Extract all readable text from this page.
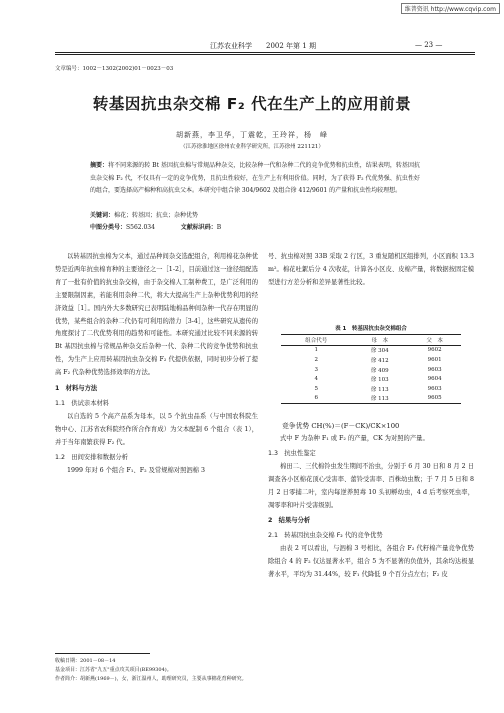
维普资讯 http://www.cqvip.com
江苏农业科学　　2002 年第 1 期	— 23 —
文章编号：1002－1302(2002)01－0023－03
转基因抗虫杂交棉 F₂ 代在生产上的应用前景
胡新燕，李卫华，丁震乾，王玲祥，杨　峰
（江苏徐淮地区徐州农业科学研究所，江苏徐州 221121）
摘要：将不同来源的转 Bt 基因抗虫棉与常规品种杂交，比较杂种一代和杂种二代的竞争优势和抗虫性，结果表明，转基因抗虫杂交棉 F₂ 代，不仅具有一定的竞争优势，且抗虫性较好，在生产上有利用价值。同时，为了获得 F₂ 代优势强、抗虫性好的组合，要选择高产棉种和高抗虫父本。本研究中组合徐 304/9602 及组合徐 412/9601 的产量和抗虫性均较理想。
关键词：棉花；转基因；抗虫；杂种优势
中图分类号：S562.034	文献标识码：B
以转基因抗虫棉为父本，通过品种间杂交选配组合，利用棉花杂种优势是近两年抗虫棉育种的主要途径之一［1-2］，目前通过这一途径组配选育了一批有价值的抗虫杂交棉，由于杂交棉人工制种费工，是广泛利用的主要限制因素，若能利用杂种二代，将大大提高生产上杂种优势利用的经济效益［1］。国内外大多数研究已表明陆地棉品种间杂种一代存在明显的优势，某些组合的杂种二代仍有可利用的潜力［3-4］，这些研究从遗传的角度探讨了二代优势利用的趋势和可能性。本研究通过比较不同来源的转 Bt 基因抗虫棉与常规品种杂交后杂种一代、杂种二代的竞争优势和抗虫性，为生产上应用转基因抗虫杂交棉 F₂ 代提供依据，同时初步分析了提高 F₂ 代杂种优势选择效率的方法。
1　材料与方法
1.1　供试亲本材料
以自选的 5 个高产品系为母本，以 5 个抗虫品系（与中国农科院生物中心、江苏省农科院经作所合作育成）为父本配制 6 个组合（表 1），并于当年南繁获得 F₂ 代。
1.2　田间安排和数据分析
1999 年对 6 个组合 F₁、F₂ 及常规棉对照泗棉 3
号、抗虫棉对照 33B 采取 2 行区，3 重复随机区组排列，小区面积 13.3 m²。棉花吐絮后分 4 次收花，计算各小区皮、皮棉产量，将数据按固定模型进行方差分析和差异显著性比较。
表 1　转基因抗虫杂交棉组合
组合代号	母　本	父　本
1	徐 304	9602
2	徐 412	9601
3	徐 409	9603
4	徐 103	9604
5	徐 113	9603
6	徐 113	9605
竞争优势 CH(%)＝(F－CK)/CK×100
式中 F 为杂种 F₁ 或 F₂ 的产量，CK 为对照的产量。
1.3　抗虫性鉴定
棉田二、三代棉铃虫发生期间不治虫，分别于 6 月 30 日和 8 月 2 日调查各小区棉花顶心受害率、蕾铃受害率、百株幼虫数；于 7 月 5 日和 8 月 2 日零捕二叶，室内每逆养照毒 10 头初孵幼虫，4 d 后考察死虫率，凋零率和叶片受害级别。
2　结果与分析
2.1　转基因抗虫杂交棉 F₂ 代的竞争优势
由表 2 可以看出，与泗棉 3 号相比，各组合 F₂ 代籽棉产量竞争优势除组合 4 的 F₂ 仅达显著水平，组合 5 为不显著的负值外，其余均达极显著水平，平均为 31.44%，较 F₁ 代降低 9 个百分点左右；F₂ 皮
收稿日期：2001－08－14
基金项目：江苏省"九五"重点攻关项目(BE99304)。
作者简介：胡新燕(1969－)，女，浙江温州人，助理研究员，主要从事棉花育种研究。
